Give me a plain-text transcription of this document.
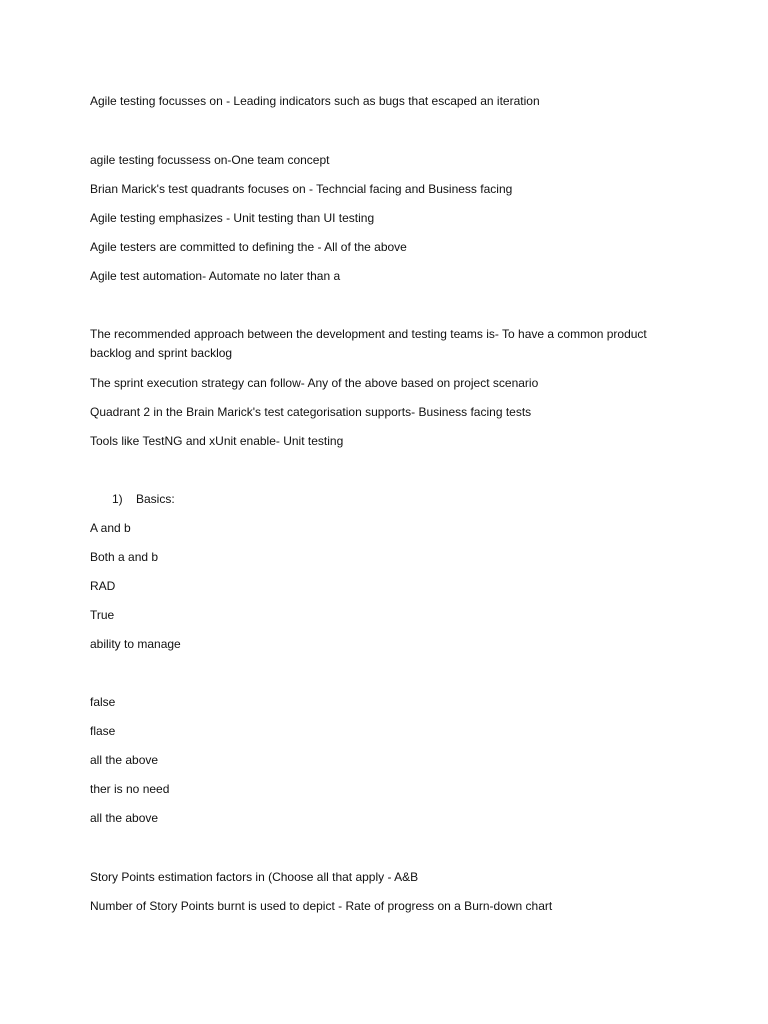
Agile testing focusses on - Leading indicators such as bugs that escaped an iteration
agile testing focussess on-One team concept
Brian Marick's test quadrants focuses on - Techncial facing and Business facing
Agile testing emphasizes - Unit testing than UI testing
Agile testers are committed to defining the - All of the above
Agile test automation- Automate no later than a
The recommended approach between the development and testing teams is- To have a common product backlog and sprint backlog
The sprint execution strategy can follow- Any of the above based on project scenario
Quadrant 2 in the Brain Marick's test categorisation supports- Business facing tests
Tools like TestNG and xUnit enable- Unit testing
1) Basics:
A and b
Both a and b
RAD
True
ability to manage
false
flase
all the above
ther is no need
all the above
Story Points estimation factors in (Choose all that apply - A&B
Number of Story Points burnt is used to depict - Rate of progress on a Burn-down chart
